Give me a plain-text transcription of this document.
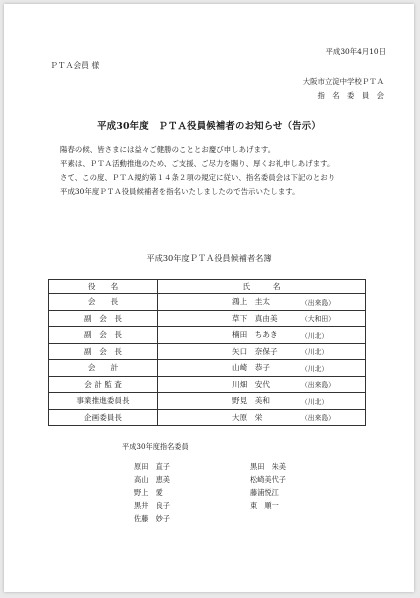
平成30年4月10日
ＰＴＡ会員 様
大阪市立淀中学校ＰＴＡ
指　名　委　員　会
平成30年度　ＰＴＡ役員候補者のお知らせ（告示）
陽春の候、皆さまには益々ご健勝のこととお慶び申しあげます。
平素は、ＰＴＡ活動推進のため、ご支援、ご尽力を賜り、厚くお礼申しあげます。
さて、この度、ＰＴＡ規約第１４条２項の規定に従い、指名委員会は下記のとおり
平成30年度ＰＴＡ役員候補者を指名いたしましたので告示いたします。
平成30年度ＰＴＡ役員候補者名簿
役　　名	氏　　　名

会　　長	鴻上　圭太 （出来島）

副　会　長	草下　真由美 （大和田）

副　会　長	楠田　ちあき （川北）

副　会　長	矢口　奈保子 （川北）

会　　計	山崎　恭子 （川北）

会 計 監 査	川畑　安代 （出来島）

事業推進委員長	野見　美和 （川北）

企画委員長	大原　栄 （出来島）
平成30年度指名委員
原田　直子
高山　恵美
野上　愛
黒井　良子
佐藤　妙子
黒田　朱美
松崎美代子
藤浦悦江
東　順一
